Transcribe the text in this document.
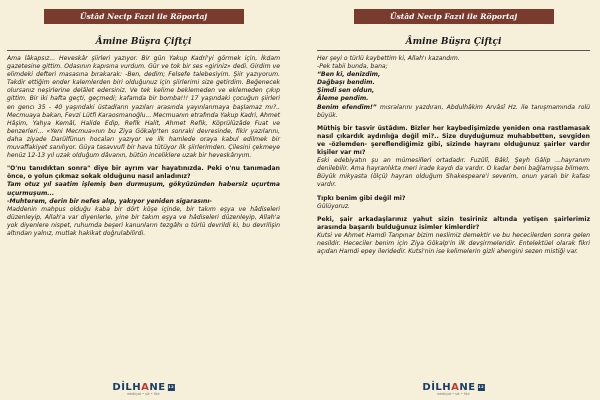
Üstâd Necip Fazıl ile Röportaj
Âmine Büşra Çiftçi

Ama lâkapsız... Heveskâr şiirleri yazıyor. Bir gün Yakup Kadri'yi görmek için, İkdam gazetesine gittim. Odasının kapısına vurdum. Gür ve tok bir ses «giriniz» dedi. Girdim ve elimdeki defteri masasına bırakarak: -Ben, dedim; Felsefe talebesiyim. Şiir yazıyorum. Takdir ettiğim ender kalemlerden biri olduğunuz için şiirlerimi size getirdim. Beğenecek olursanız neşirlerine delâlet edersiniz. Ve tek kelime beklemeden ve eklemeden çıkıp gittim. Bir iki hafta geçti, geçmedi; kafamda bir bomba!!! 17 yaşındaki çocuğun şiirleri en gencı 35 - 40 yaşındaki üstadların yazıları arasında yayınlanmaya başlamaz mı?.. Mecmuaya bakan, Fevzi Lütfi Karaosmanoğlu... Mecmuanın etrafında Yakup Kadri, Ahmet Hâşim, Yahya Kemâl, Halide Edip, Refik Halit, Ahmet Refik, Köprülüzâde Fuat ve benzerleri... «Yeni Mecmua»nın bu Ziya Gökalp'ten sonraki devresinde, fikir yazılarını, daha ziyade Darülfünun hocaları yazıyor ve ilk hamlede oraya kabul edilmek bir muvaffakiyet sanılıyor. Güya tasavvufi bir hava tütüyor ilk şiirlerimden. Çilesini çekmeye henüz 12-13 yıl uzak olduğum dâvanın, bütün inceliklere uzak bir heveskârıyım.

"O'nu tanıdıktan sonra" diye bir ayrım var hayatınızda. Peki o'nu tanımadan önce, o yolun çıkmaz sokak olduğunu nasıl anladınız?

Tam otuz yıl saatim işlemiş ben durmuşum, gökyüzünden habersiz uçurtma uçurmuşum...

-Muhterem, derin bir nefes alıp, yakıyor yeniden sigarasını-

Maddenin mahpus olduğu kaba bir dört köşe içinde, bir takım eşya ve hâdiseleri düzenleyip, Allah'a var diyenlerle, yine bir takım eşya ve hâdiseleri düzenleyip, Allah'a yok diyenlere nispet, ruhumda beşeri kanunların tezgâhı o türlü devrildi ki, bu devrilişin altından yalnız, mutlak hakikat doğrulabilirdi.

DİLHANE 12
edebiyat • şiir • fikir
Üstâd Necip Fazıl ile Röportaj
Âmine Büşra Çiftçi

Her şeyi o türlü kaybettim ki, Allah'ı kazandım.

-Pek tabii bunda, bana;

“Ben ki, denizdim,

Dağbaşı bendim.

Şimdi sen oldun,

Âleme pendim.

Benim efendim!” mısralarını yazdıran, Abdulhâkim Arvâsî Hz. ile tanışmamında rolü büyük.

Müthiş bir tasvir üstâdım. Bizler her kaybedişimizde yeniden ona rastlamasak nasıl çıkardık aydınlığa değil mi?.. Size duyduğumuz muhabbetten, sevgiden ve -özlemden- şereflendiğimiz gibi, sizinde hayranı olduğunuz şairler vardır kişiler var mı?

Eski edebiyatın şu an mümesilleri ortadadır. Fuzûlî, Bâkî, Şeyh Gâlip ...hayranım denilebilir. Ama hayranlıkta meri irade kaydı da vardır. O kadar beni bağlamışsa bilmem. Büyük mikyasta (ölçü) hayran olduğum Shakespeare'i severim, onun yaralı bir kafası vardır.

Tıpkı benim gibi değil mi?

Gülüyoruz.

Peki, şair arkadaşlarınız yahut sizin tesiriniz altında yetişen şairlerimiz arasında başarılı bulduğunuz isimler kimlerdir?

Kutsi ve Ahmet Hamdi Tanpınar bizim neslimiz demektir ve bu hececilerden sonra gelen nesildir. Hececiler benim için Ziya Gökalp'in ilk devşirmeleridir. Entelektüel olarak fikri açıdan Hamdi epey ileridedir. Kutsi'nin ise kelimelerin gizli ahengini sezen mistiği var.

DİLHANE 12
edebiyat • şiir • fikir
